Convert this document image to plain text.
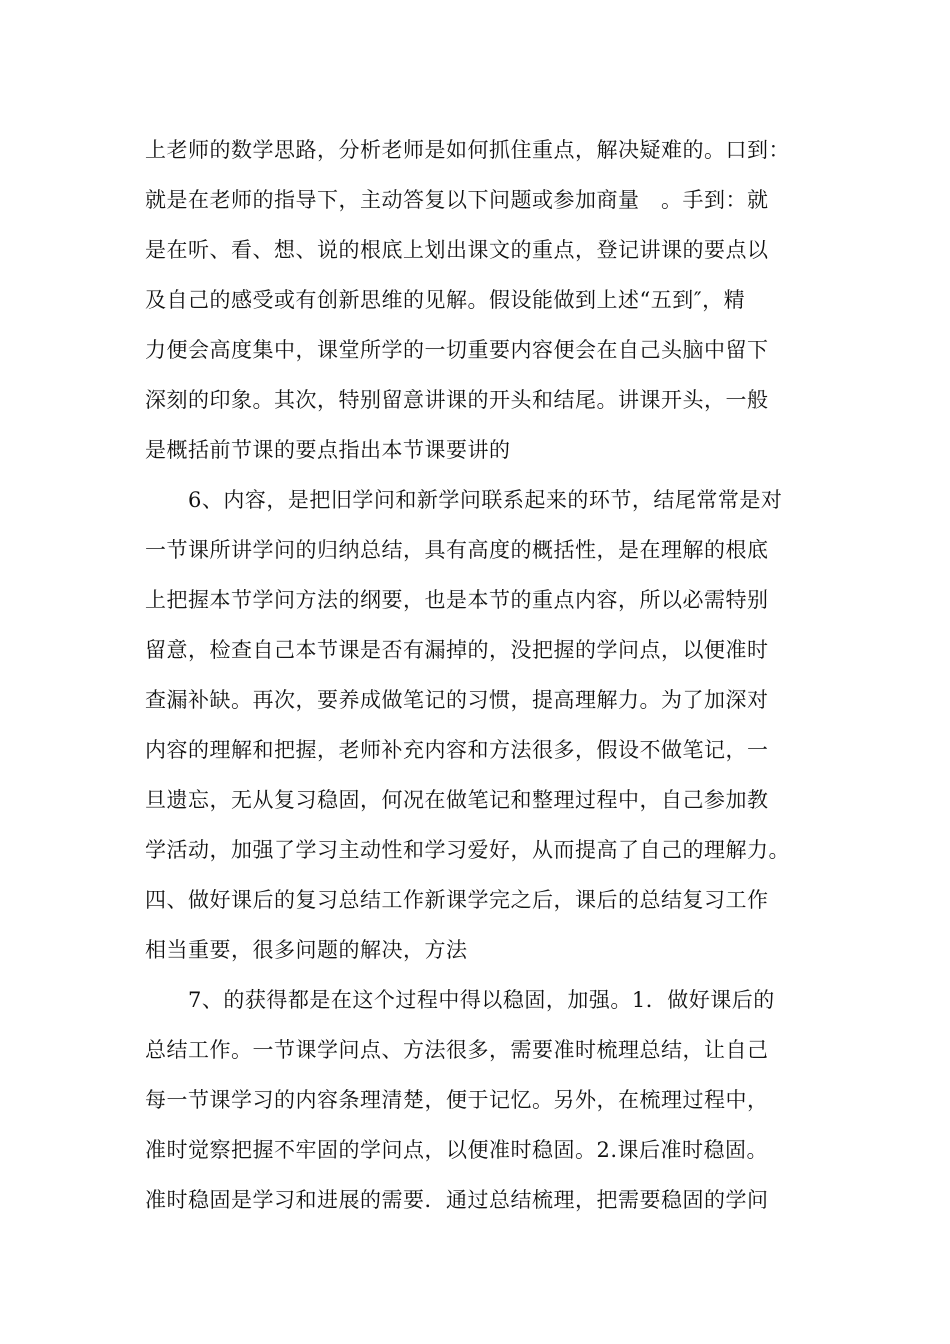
上老师的数学思路，分析老师是如何抓住重点，解决疑难的。口到：

就是在老师的指导下，主动答复以下问题或参加商量　。手到：就

是在听、看、想、说的根底上划出课文的重点，登记讲课的要点以

及自己的感受或有创新思维的见解。假设能做到上述“五到″，精

力便会高度集中，课堂所学的一切重要内容便会在自己头脑中留下

深刻的印象。其次，特别留意讲课的开头和结尾。讲课开头，一般

是概括前节课的要点指出本节课要讲的

6、内容，是把旧学问和新学问联系起来的环节，结尾常常是对

一节课所讲学问的归纳总结，具有高度的概括性，是在理解的根底

上把握本节学问方法的纲要，也是本节的重点内容，所以必需特别

留意，检查自己本节课是否有漏掉的，没把握的学问点，以便准时

查漏补缺。再次，要养成做笔记的习惯，提高理解力。为了加深对

内容的理解和把握，老师补充内容和方法很多，假设不做笔记，一

旦遗忘，无从复习稳固，何况在做笔记和整理过程中，自己参加教

学活动，加强了学习主动性和学习爱好，从而提高了自己的理解力。

四、做好课后的复习总结工作新课学完之后，课后的总结复习工作

相当重要，很多问题的解决，方法

7、的获得都是在这个过程中得以稳固，加强。1．做好课后的

总结工作。一节课学问点、方法很多，需要准时梳理总结，让自己

每一节课学习的内容条理清楚，便于记忆。另外，在梳理过程中，

准时觉察把握不牢固的学问点，以便准时稳固。2.课后准时稳固。

准时稳固是学习和进展的需要．通过总结梳理，把需要稳固的学问
